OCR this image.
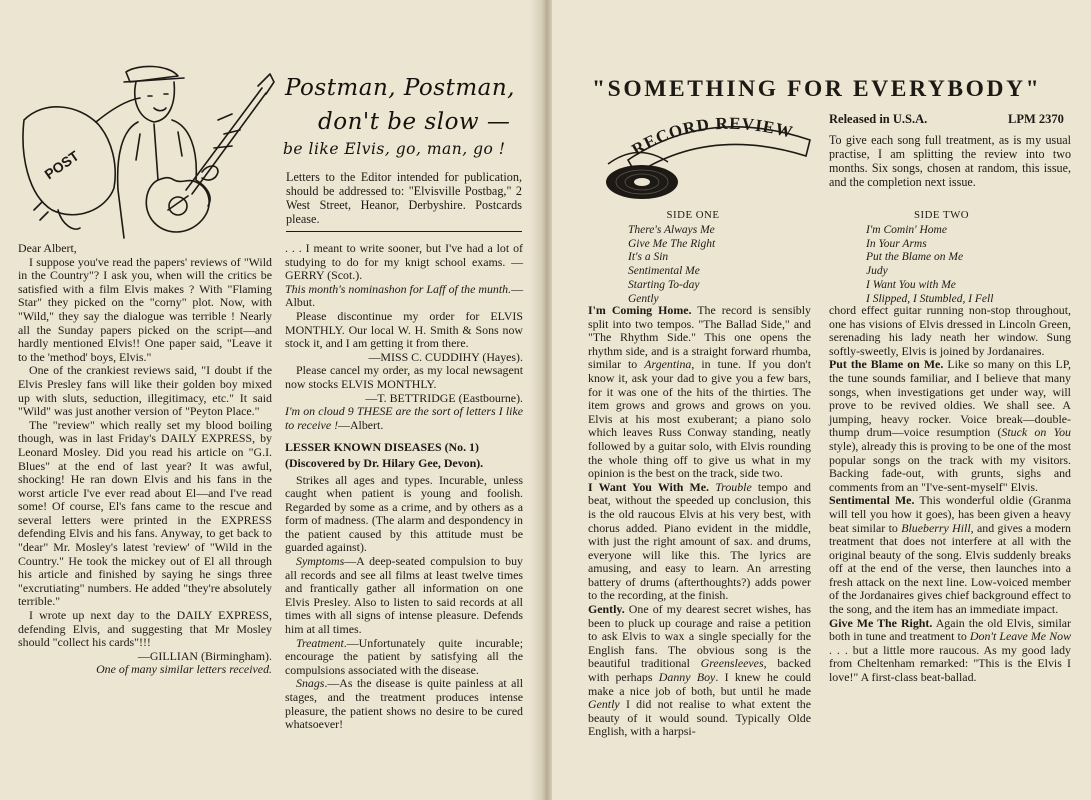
POST
Postman, Postman,
don't be slow —
be like Elvis, go, man, go !
Letters to the Editor intended for publication, should be addressed to: "Elvisville Postbag," 2 West Street, Heanor, Derbyshire. Postcards please.

Dear Albert,

I suppose you've read the papers' reviews of "Wild in the Country"? I ask you, when will the critics be satisfied with a film Elvis makes ? With "Flaming Star" they picked on the "corny" plot. Now, with "Wild," they say the dialogue was terrible ! Nearly all the Sunday papers picked on the script—and hardly mentioned Elvis!! One paper said, "Leave it to the 'method' boys, Elvis."

One of the crankiest reviews said, "I doubt if the Elvis Presley fans will like their golden boy mixed up with sluts, seduction, illegitimacy, etc." It said "Wild" was just another version of "Peyton Place."

The "review" which really set my blood boiling though, was in last Friday's DAILY EXPRESS, by Leonard Mosley. Did you read his article on "G.I. Blues" at the end of last year? It was awful, shocking! He ran down Elvis and his fans in the worst article I've ever read about El—and I've read some! Of course, El's fans came to the rescue and several letters were printed in the EXPRESS defending Elvis and his fans. Anyway, to get back to "dear" Mr. Mosley's latest 'review' of "Wild in the Country." He took the mickey out of El all through his article and finished by saying he sings three "excrutiating" numbers. He added "they're absolutely terrible."

I wrote up next day to the DAILY EXPRESS, defending Elvis, and suggesting that Mr Mosley should "collect his cards"!!!

—GILLIAN (Birmingham).

One of many similar letters received.

. . . I meant to write sooner, but I've had a lot of studying to do for my knigt school exams. —GERRY (Scot.).

This month's nominashon for Laff of the munth.—Albut.

Please discontinue my order for ELVIS MONTHLY. Our local W. H. Smith & Sons now stock it, and I am getting it from there.

—MISS C. CUDDIHY (Hayes).

Please cancel my order, as my local newsagent now stocks ELVIS MONTHLY.

—T. BETTRIDGE (Eastbourne).

I'm on cloud 9 THESE are the sort of letters I like to receive !—Albert.

LESSER KNOWN DISEASES (No. 1)

(Discovered by Dr. Hilary Gee, Devon).

Strikes all ages and types. Incurable, unless caught when patient is young and foolish. Regarded by some as a crime, and by others as a form of madness. (The alarm and despondency in the patient caused by this attitude must be guarded against).

Symptoms—A deep-seated compulsion to buy all records and see all films at least twelve times and frantically gather all information on one Elvis Presley. Also to listen to said records at all times with all signs of intense pleasure. Defends him at all times.

Treatment.—Unfortunately quite incurable; encourage the patient by satisfying all the compulsions associated with the disease.

Snags.—As the disease is quite painless at all stages, and the treatment produces intense pleasure, the patient shows no desire to be cured whatsoever!

"SOMETHING FOR EVERYBODY"
RECORD REVIEW
Released in U.S.A.	LPM 2370
To give each song full treatment, as is my usual practise, I am splitting the review into two months. Six songs, chosen at random, this issue, and the completion next issue.
SIDE ONE
There's Always Me
Give Me The Right
It's a Sin
Sentimental Me
Starting To-day
Gently
SIDE TWO
I'm Comin' Home
In Your Arms
Put the Blame on Me
Judy
I Want You with Me
I Slipped, I Stumbled, I Fell

I'm Coming Home. The record is sensibly split into two tempos. "The Ballad Side," and "The Rhythm Side." This one opens the rhythm side, and is a straight forward rhumba, similar to Argentina, in tune. If you don't know it, ask your dad to give you a few bars, for it was one of the hits of the thirties. The item grows and grows and grows on you. Elvis at his most exuberant; a piano solo which leaves Russ Conway standing, neatly followed by a guitar solo, with Elvis rounding the whole thing off to give us what in my opinion is the best on the track, side two.

I Want You With Me. Trouble tempo and beat, without the speeded up conclusion, this is the old raucous Elvis at his very best, with chorus added. Piano evident in the middle, with just the right amount of sax. and drums, everyone will like this. The lyrics are amusing, and easy to learn. An arresting battery of drums (afterthoughts?) adds power to the recording, at the finish.

Gently. One of my dearest secret wishes, has been to pluck up courage and raise a petition to ask Elvis to wax a single specially for the English fans. The obvious song is the beautiful traditional Greensleeves, backed with perhaps Danny Boy. I knew he could make a nice job of both, but until he made Gently I did not realise to what extent the beauty of it would sound. Typically Olde English, with a harpsi-

chord effect guitar running non-stop throughout, one has visions of Elvis dressed in Lincoln Green, serenading his lady neath her window. Sung softly-sweetly, Elvis is joined by Jordanaires.

Put the Blame on Me. Like so many on this LP, the tune sounds familiar, and I believe that many songs, when investigations get under way, will prove to be revived oldies. We shall see. A jumping, heavy rocker. Voice break—double-thump drum—voice resumption (Stuck on You style), already this is proving to be one of the most popular songs on the track with my visitors. Backing fade-out, with grunts, sighs and comments from an "I've-sent-myself" Elvis.

Sentimental Me. This wonderful oldie (Granma will tell you how it goes), has been given a heavy beat similar to Blueberry Hill, and gives a modern treatment that does not interfere at all with the original beauty of the song. Elvis suddenly breaks off at the end of the verse, then launches into a fresh attack on the next line. Low-voiced member of the Jordanaires gives chief background effect to the song, and the item has an immediate impact.

Give Me The Right. Again the old Elvis, similar both in tune and treatment to Don't Leave Me Now . . . but a little more raucous. As my good lady from Cheltenham remarked: "This is the Elvis I love!" A first-class beat-ballad.
